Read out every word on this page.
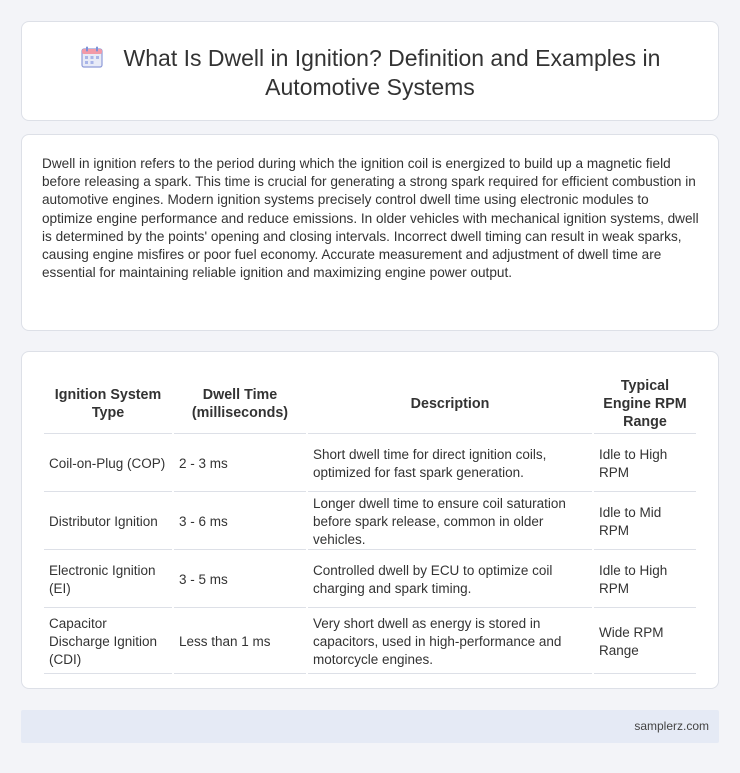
What Is Dwell in Ignition? Definition and Examples in Automotive Systems

Dwell in ignition refers to the period during which the ignition coil is energized to build up a magnetic field before releasing a spark. This time is crucial for generating a strong spark required for efficient combustion in automotive engines. Modern ignition systems precisely control dwell time using electronic modules to optimize engine performance and reduce emissions. In older vehicles with mechanical ignition systems, dwell is determined by the points' opening and closing intervals. Incorrect dwell timing can result in weak sparks, causing engine misfires or poor fuel economy. Accurate measurement and adjustment of dwell time are essential for maintaining reliable ignition and maximizing engine power output.

Ignition System Type	Dwell Time (milliseconds)	Description	Typical Engine RPM Range
Coil-on-Plug (COP)	2 - 3 ms	Short dwell time for direct ignition coils, optimized for fast spark generation.	Idle to High RPM
Distributor Ignition	3 - 6 ms	Longer dwell time to ensure coil saturation before spark release, common in older vehicles.	Idle to Mid RPM
Electronic Ignition (EI)	3 - 5 ms	Controlled dwell by ECU to optimize coil charging and spark timing.	Idle to High RPM
Capacitor Discharge Ignition (CDI)	Less than 1 ms	Very short dwell as energy is stored in capacitors, used in high-performance and motorcycle engines.	Wide RPM Range
samplerz.com
